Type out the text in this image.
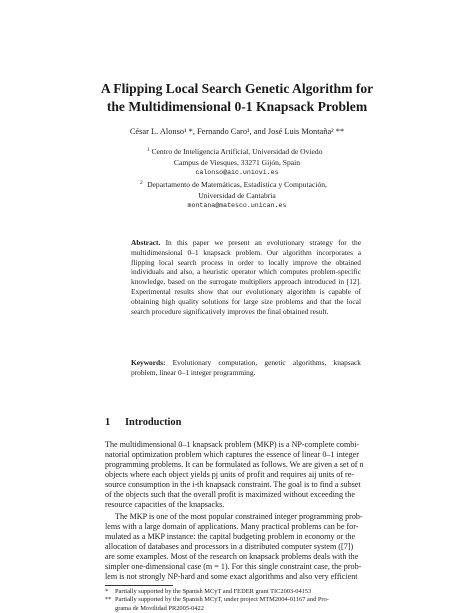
A Flipping Local Search Genetic Algorithm for
the Multidimensional 0-1 Knapsack Problem
César L. Alonso¹ *, Fernando Caro¹, and José Luis Montaña² **
1 Centro de Inteligencia Artificial, Universidad de Oviedo
Campus de Viesques, 33271 Gijón, Spain
calonso@aic.uniovi.es
2 Departamento de Matemáticas, Estadística y Computación,
Universidad de Cantabria
montana@matesco.unican.es

Abstract. In this paper we present an evolutionary strategy for the multidimensional 0–1 knapsack problem. Our algorithm incorporates a flipping local search process in order to locally improve the obtained individuals and also, a heuristic operator which computes problem-specific knowledge, based on the surrogate multipliers approach introduced in [12]. Experimental results show that our evolutionary algorithm is capable of obtaining high quality solutions for large size problems and that the local search procedure significatively improves the final obtained result.

Keywords: Evolutionary computation, genetic algorithms, knapsack problem, linear 0–1 integer programming.
1 Introduction
The multidimensional 0–1 knapsack problem (MKP) is a NP-complete combi-
natorial optimization problem which captures the essence of linear 0–1 integer
programming problems. It can be formulated as follows. We are given a set of n
objects where each object yields pj units of profit and requires aij units of re-
source consumption in the i-th knapsack constraint. The goal is to find a subset
of the objects such that the overall profit is maximized without exceeding the
resource capacities of the knapsacks.
The MKP is one of the most popular constrained integer programming prob-
lems with a large domain of applications. Many practical problems can be for-
mulated as a MKP instance: the capital budgeting problem in economy or the
allocation of databases and processors in a distributed computer system ([7])
are some examples. Most of the research on knapsack problems deals with the
simpler one-dimensional case (m = 1). For this single constraint case, the prob-
lem is not strongly NP-hard and some exact algorithms and also very efficient
* Partially supported by the Spanish MCyT and FEDER grant TIC2003-04153
** Partially supported by the Spanish MCyT, under project MTM2004-01167 and Pro-
grama de Movilidad PR2005-0422
